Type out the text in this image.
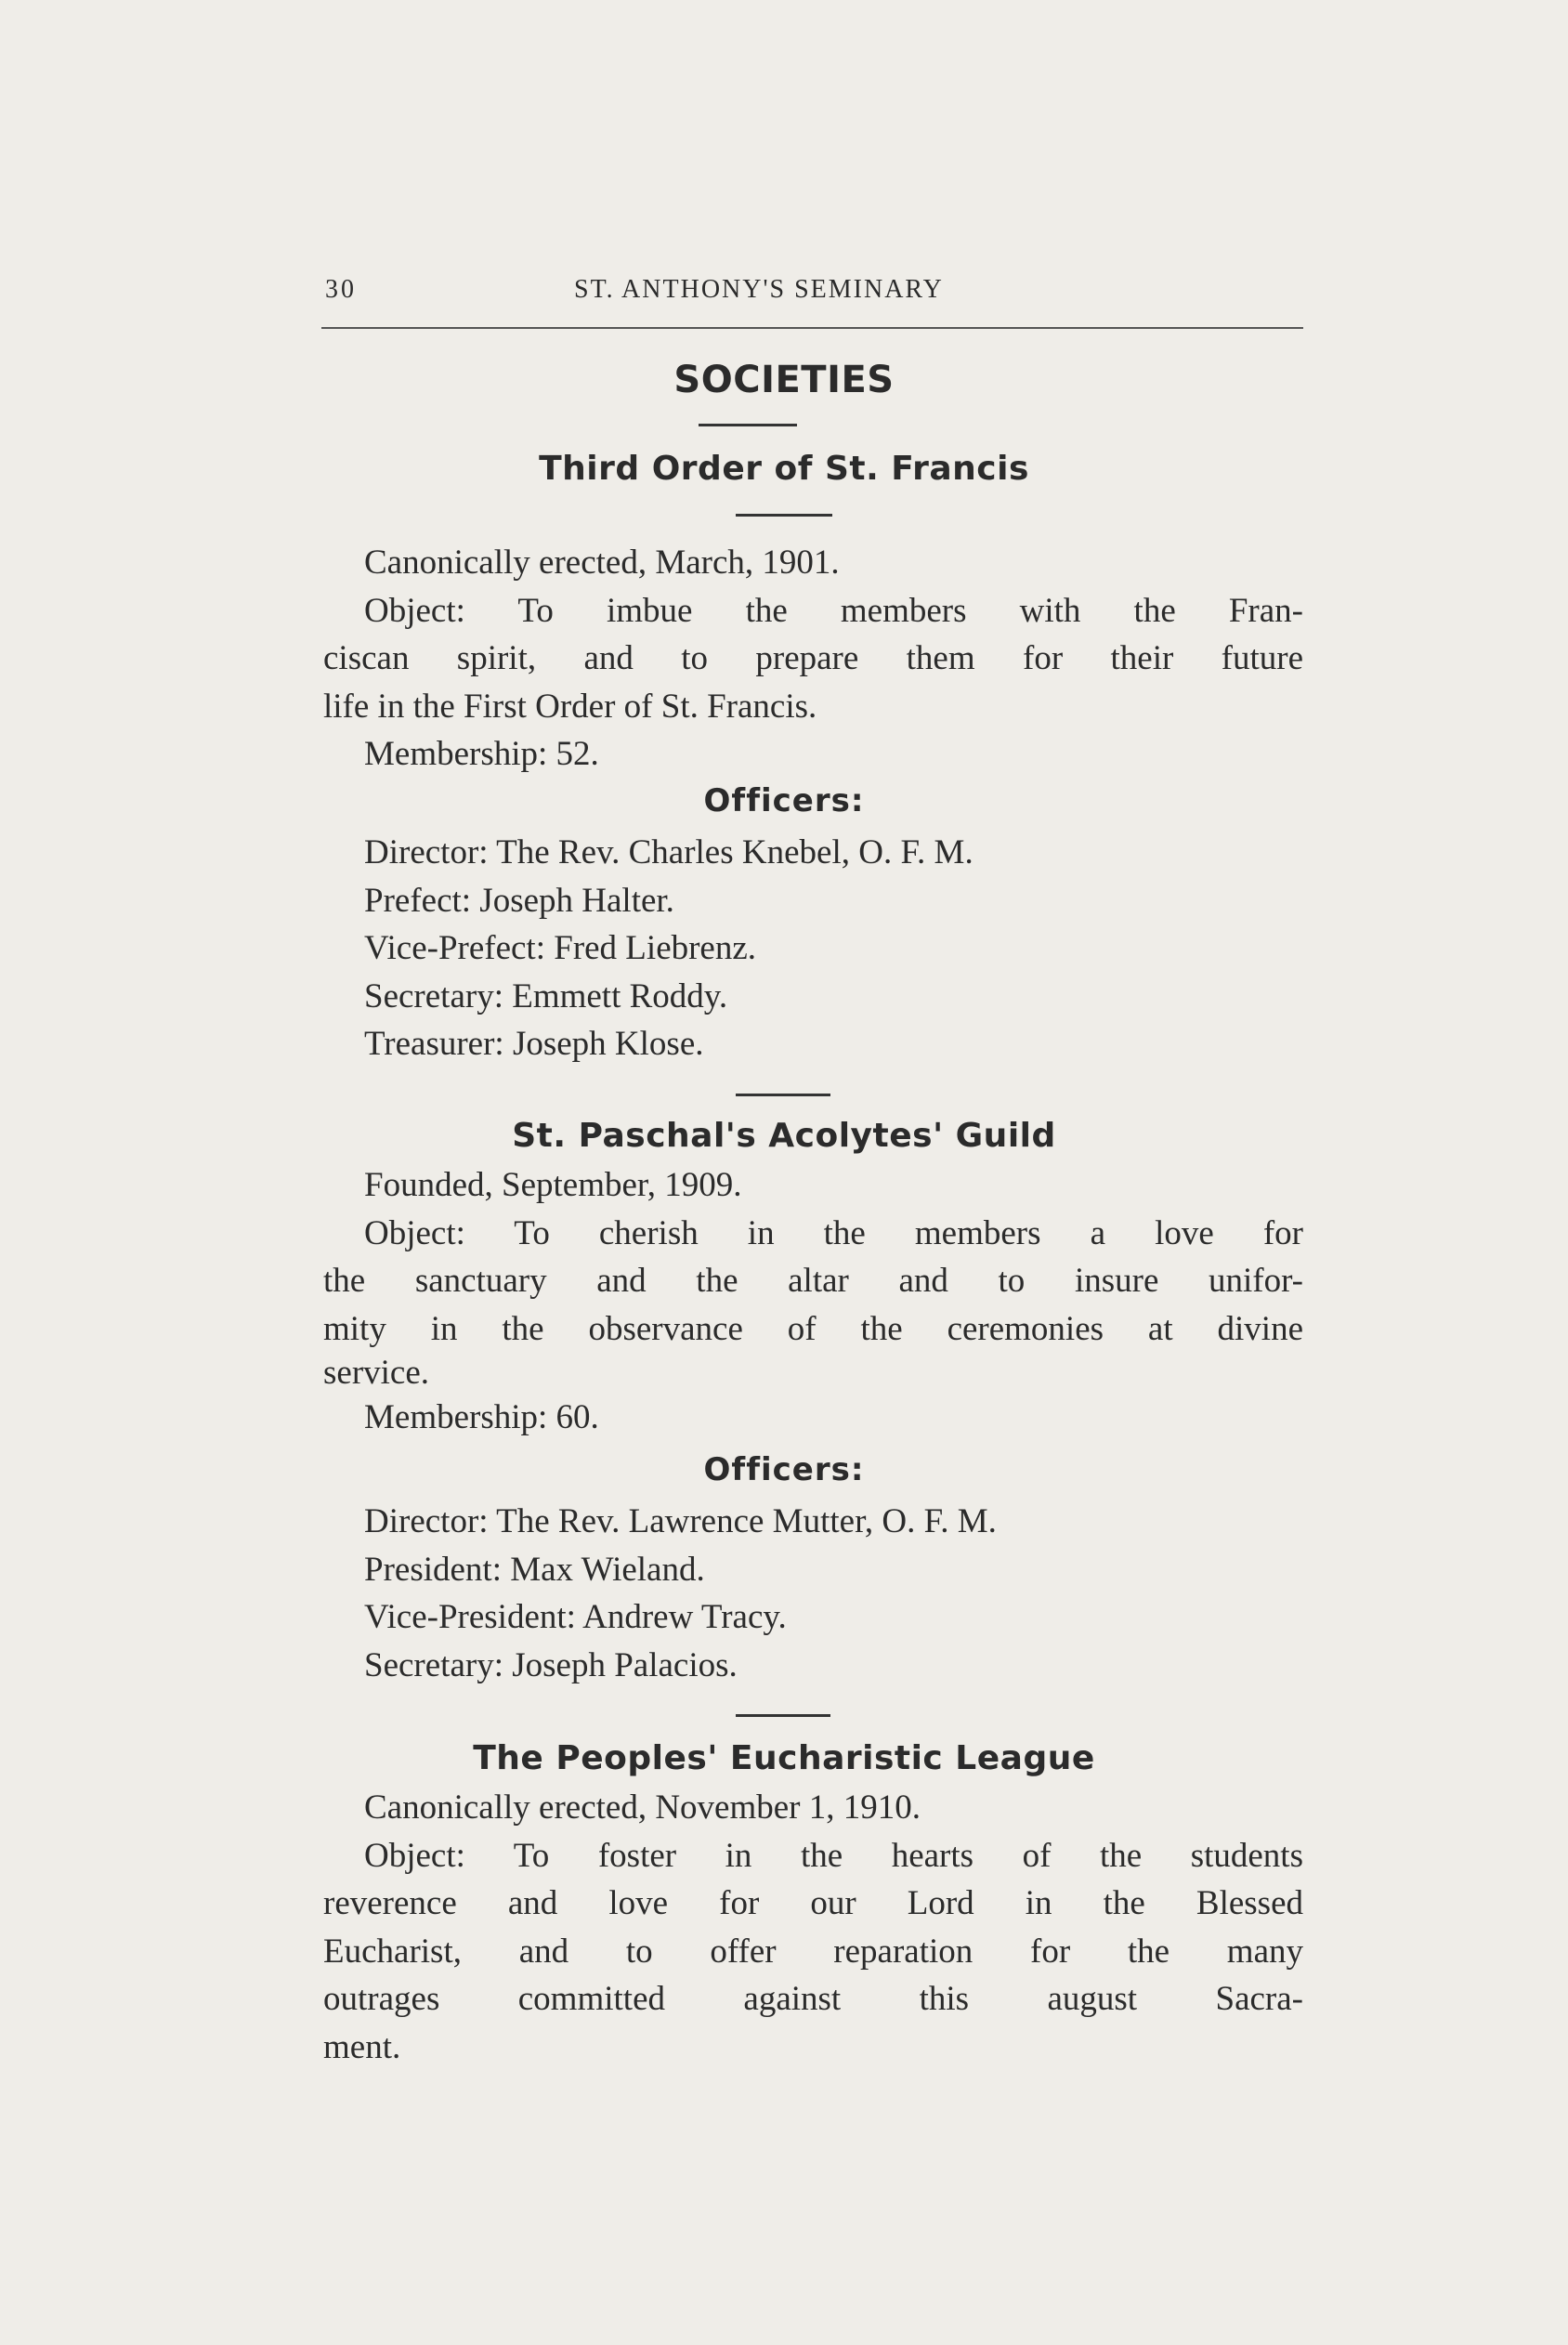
30	ST. ANTHONY'S SEMINARY
SOCIETIES
Third Order of St. Francis
Canonically erected, March, 1901.
Object: To imbue the members with the Fran-
ciscan spirit, and to prepare them for their future
life in the First Order of St. Francis.
Membership: 52.
Officers:
Director: The Rev. Charles Knebel, O. F. M.
Prefect: Joseph Halter.
Vice-Prefect: Fred Liebrenz.
Secretary: Emmett Roddy.
Treasurer: Joseph Klose.
St. Paschal's Acolytes' Guild
Founded, September, 1909.
Object: To cherish in the members a love for
the sanctuary and the altar and to insure unifor-
mity in the observance of the ceremonies at divine
service.
Membership: 60.
Officers:
Director: The Rev. Lawrence Mutter, O. F. M.
President: Max Wieland.
Vice-President: Andrew Tracy.
Secretary: Joseph Palacios.
The Peoples' Eucharistic League
Canonically erected, November 1, 1910.
Object: To foster in the hearts of the students
reverence and love for our Lord in the Blessed
Eucharist, and to offer reparation for the many
outrages committed against this august Sacra-
ment.
